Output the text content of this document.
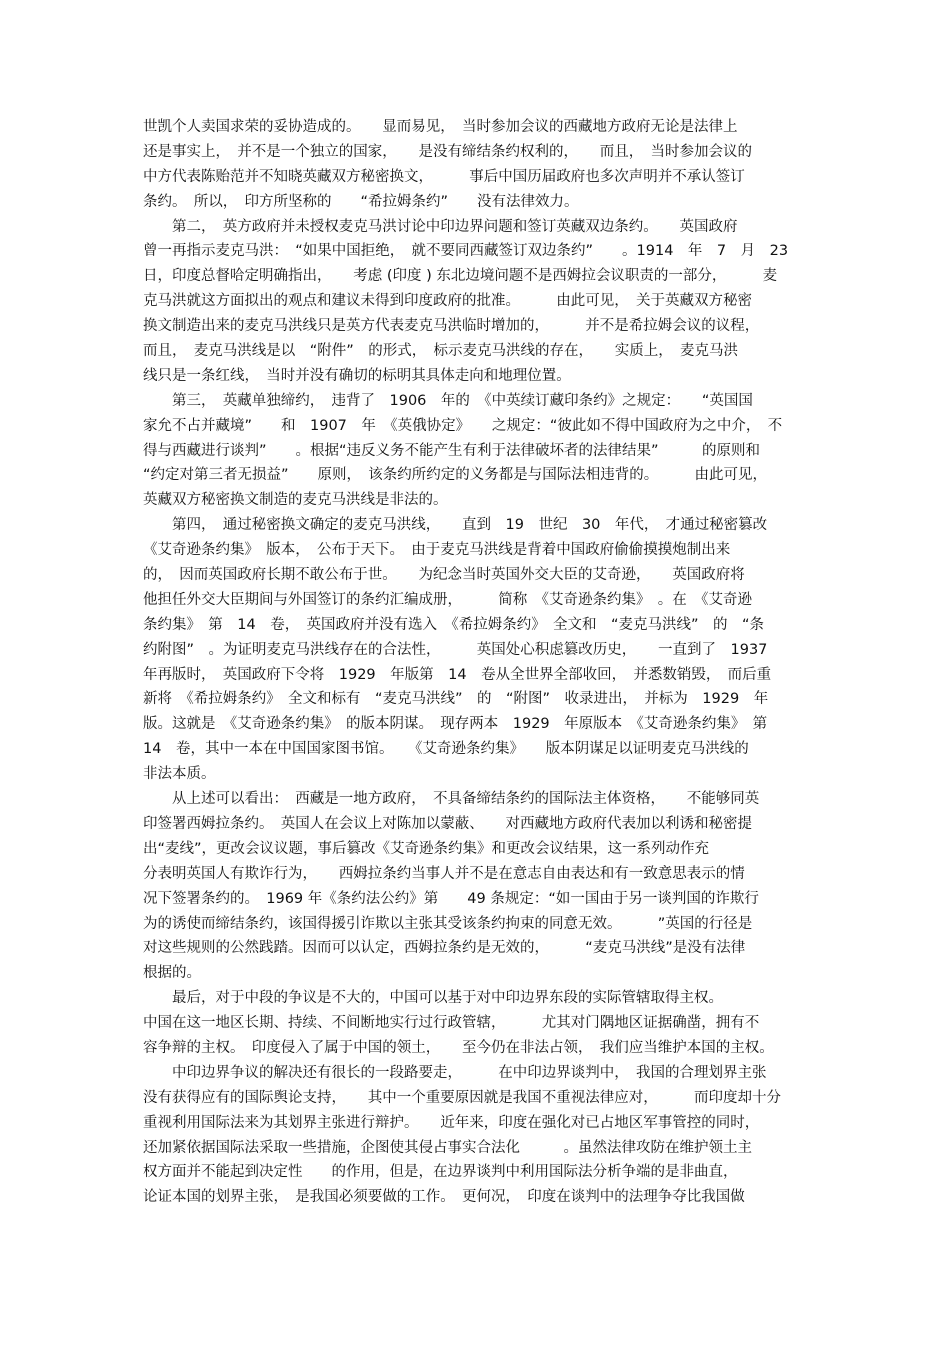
世凯个人卖国求荣的妥协造成的。　　显而易见，　当时参加会议的西藏地方政府无论是法律上
还是事实上，　并不是一个独立的国家，　　是没有缔结条约权利的，　　而且，　当时参加会议的
中方代表陈贻范并不知晓英藏双方秘密换文，　　　事后中国历届政府也多次声明并不承认签订
条约。　所以，　印方所坚称的　　“希拉姆条约”　　没有法律效力。
　　第二，　英方政府并未授权麦克马洪讨论中印边界问题和签订英藏双边条约。　　英国政府
曾一再指示麦克马洪：　“如果中国拒绝，　就不要同西藏签订双边条约”　　。1914　年　7　月　23
日，印度总督哈定明确指出，　　考虑 (印度 ) 东北边境问题不是西姆拉会议职责的一部分，　　　麦
克马洪就这方面拟出的观点和建议未得到印度政府的批准。　　　由此可见，　关于英藏双方秘密
换文制造出来的麦克马洪线只是英方代表麦克马洪临时增加的，　　　并不是希拉姆会议的议程，
而且，　麦克马洪线是以　“附件”　的形式，　标示麦克马洪线的存在，　　实质上，　麦克马洪
线只是一条红线，　当时并没有确切的标明其具体走向和地理位置。
　　第三，　英藏单独缔约，　违背了　1906　年的　《中英续订藏印条约》之规定：　　“英国国
家允不占并藏境”　　和　1907　年　《英俄协定》　　之规定：“彼此如不得中国政府为之中介，　不
得与西藏进行谈判”　　。根据“违反义务不能产生有利于法律破坏者的法律结果”　　　的原则和
“约定对第三者无损益”　　原则，　该条约所约定的义务都是与国际法相违背的。　　　由此可见，
英藏双方秘密换文制造的麦克马洪线是非法的。
　　第四，　通过秘密换文确定的麦克马洪线，　　直到　19　世纪　30　年代，　才通过秘密篡改
《艾奇逊条约集》　版本，　公布于天下。　由于麦克马洪线是背着中国政府偷偷摸摸炮制出来
的，　因而英国政府长期不敢公布于世。　　为纪念当时英国外交大臣的艾奇逊，　　英国政府将
他担任外交大臣期间与外国签订的条约汇编成册，　　　简称　《艾奇逊条约集》　。在　《艾奇逊
条约集》　第　14　卷，　英国政府并没有选入　《希拉姆条约》　全文和　“麦克马洪线”　的　“条
约附图”　。为证明麦克马洪线存在的合法性，　　　英国处心积虑篡改历史，　　一直到了　1937
年再版时，　英国政府下令将　1929　年版第　14　卷从全世界全部收回，　并悉数销毁，　而后重
新将　《希拉姆条约》　全文和标有　“麦克马洪线”　的　“附图”　收录进出，　并标为　1929　年
版。这就是　《艾奇逊条约集》　的版本阴谋。　现存两本　1929　年原版本　《艾奇逊条约集》　第
14　卷，其中一本在中国国家图书馆。　　《艾奇逊条约集》　　版本阴谋足以证明麦克马洪线的
非法本质。
　　从上述可以看出：　西藏是一地方政府，　不具备缔结条约的国际法主体资格，　　不能够同英
印签署西姆拉条约。　英国人在会议上对陈加以蒙蔽、　　对西藏地方政府代表加以利诱和秘密提
出“麦线”，更改会议议题，事后篡改《艾奇逊条约集》和更改会议结果，这一系列动作充
分表明英国人有欺诈行为，　　西姆拉条约当事人并不是在意志自由表达和有一致意思表示的情
况下签署条约的。　1969 年《条约法公约》第　　49 条规定：“如一国由于另一谈判国的诈欺行
为的诱使而缔结条约，该国得援引诈欺以主张其受该条约拘束的同意无效。　　　”英国的行径是
对这些规则的公然践踏。因而可以认定，西姆拉条约是无效的，　　　“麦克马洪线”是没有法律
根据的。
　　最后，对于中段的争议是不大的，中国可以基于对中印边界东段的实际管辖取得主权。
中国在这一地区长期、持续、不间断地实行过行政管辖，　　　尤其对门隅地区证据确凿，拥有不
容争辩的主权。　印度侵入了属于中国的领土，　　至今仍在非法占领，　我们应当维护本国的主权。
　　中印边界争议的解决还有很长的一段路要走，　　　在中印边界谈判中，　我国的合理划界主张
没有获得应有的国际舆论支持，　　其中一个重要原因就是我国不重视法律应对，　　　而印度却十分
重视利用国际法来为其划界主张进行辩护。　　近年来，印度在强化对已占地区军事管控的同时，
还加紧依据国际法采取一些措施，企图使其侵占事实合法化　　　。虽然法律攻防在维护领土主
权方面并不能起到决定性　　的作用，但是，在边界谈判中利用国际法分析争端的是非曲直，
论证本国的划界主张，　是我国必须要做的工作。　更何况，　印度在谈判中的法理争夺比我国做
